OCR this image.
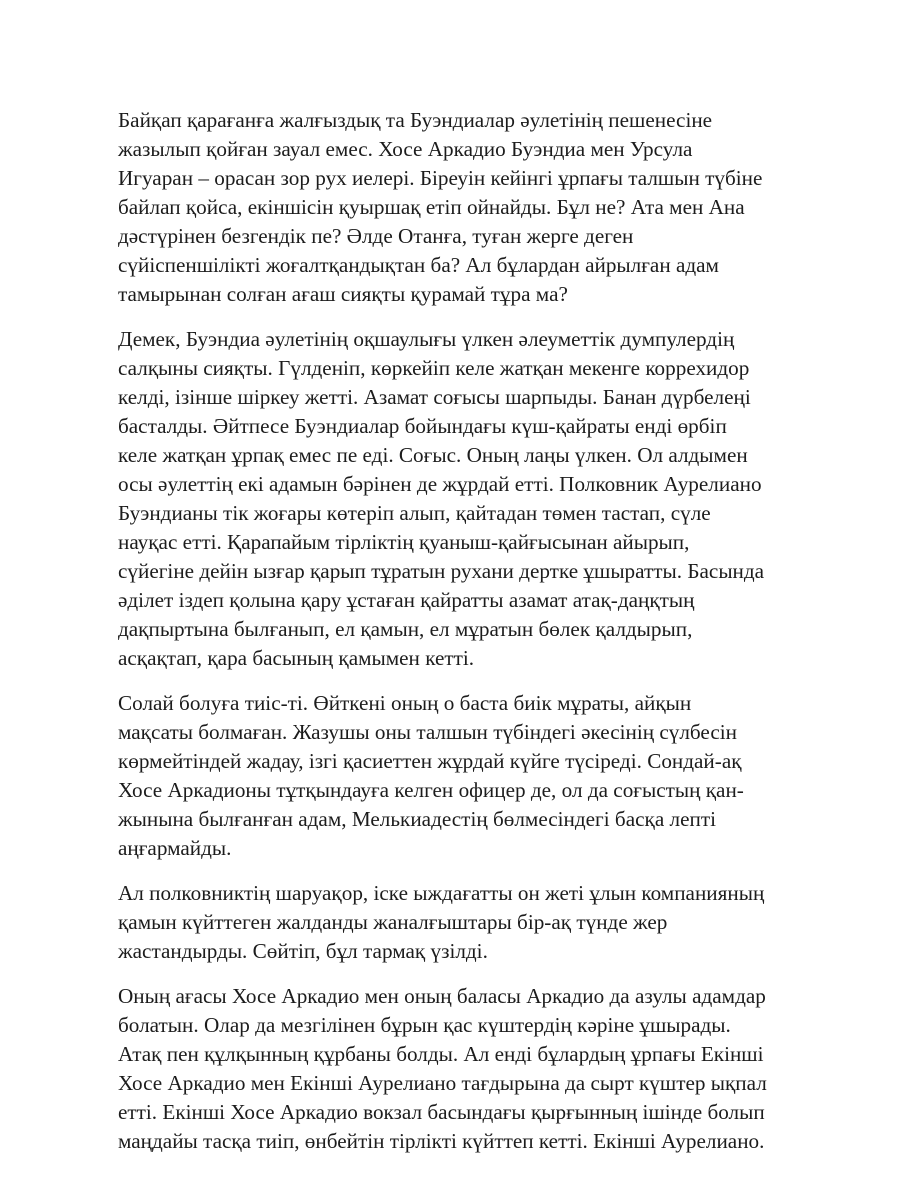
Байқап қарағанға жалғыздық та Буэндиалар әулетінің пешенесіне
жазылып қойған зауал емес. Хосе Аркадио Буэндиа мен Урсула
Игуаран – орасан зор рух иелері. Біреуін кейінгі ұрпағы талшын түбіне
байлап қойса, екіншісін қуыршақ етіп ойнайды. Бұл не? Ата мен Ана
дәстүрінен безгендік пе? Әлде Отанға, туған жерге деген
сүйіспеншілікті жоғалтқандықтан ба? Ал бұлардан айрылған адам
тамырынан солған ағаш сияқты қурамай тұра ма?

Демек, Буэндиа әулетінің оқшаулығы үлкен әлеуметтік думпулердің
салқыны сияқты. Гүлденіп, көркейіп келе жатқан мекенге коррехидор
келді, ізінше шіркеу жетті. Азамат соғысы шарпыды. Банан дүрбелеңі
басталды. Әйтпесе Буэндиалар бойындағы күш-қайраты енді өрбіп
келе жатқан ұрпақ емес пе еді. Соғыс. Оның лаңы үлкен. Ол алдымен
осы әулеттің екі адамын бәрінен де жұрдай етті. Полковник Аурелиано
Буэндианы тік жоғары көтеріп алып, қайтадан төмен тастап, сүле
науқас етті. Қарапайым тірліктің қуаныш-қайғысынан айырып,
сүйегіне дейін ызғар қарып тұратын рухани дертке ұшыратты. Басында
әділет іздеп қолына қару ұстаған қайратты азамат атақ-даңқтың
дақпыртына былғанып, ел қамын, ел мұратын бөлек қалдырып,
асқақтап, қара басының қамымен кетті.

Солай болуға тиіс-ті. Өйткені оның о баста биік мұраты, айқын
мақсаты болмаған. Жазушы оны талшын түбіндегі әкесінің сүлбесін
көрмейтіндей жадау, ізгі қасиеттен жұрдай күйге түсіреді. Сондай-ақ
Хосе Аркадионы тұтқындауға келген офицер де, ол да соғыстың қан-
жынына былғанған адам, Мелькиадестің бөлмесіндегі басқа лепті
аңғармайды.

Ал полковниктің шаруақор, іске ыждағатты он жеті ұлын компанияның
қамын күйттеген жалданды жаналғыштары бір-ақ түнде жер
жастандырды. Сөйтіп, бұл тармақ үзілді.

Оның ағасы Хосе Аркадио мен оның баласы Аркадио да азулы адамдар
болатын. Олар да мезгілінен бұрын қас күштердің кәріне ұшырады.
Атақ пен құлқынның құрбаны болды. Ал енді бұлардың ұрпағы Екінші
Хосе Аркадио мен Екінші Аурелиано тағдырына да сырт күштер ықпал
етті. Екінші Хосе Аркадио вокзал басындағы қырғынның ішінде болып
маңдайы тасқа тиіп, өнбейтін тірлікті күйттеп кетті. Екінші Аурелиано.
